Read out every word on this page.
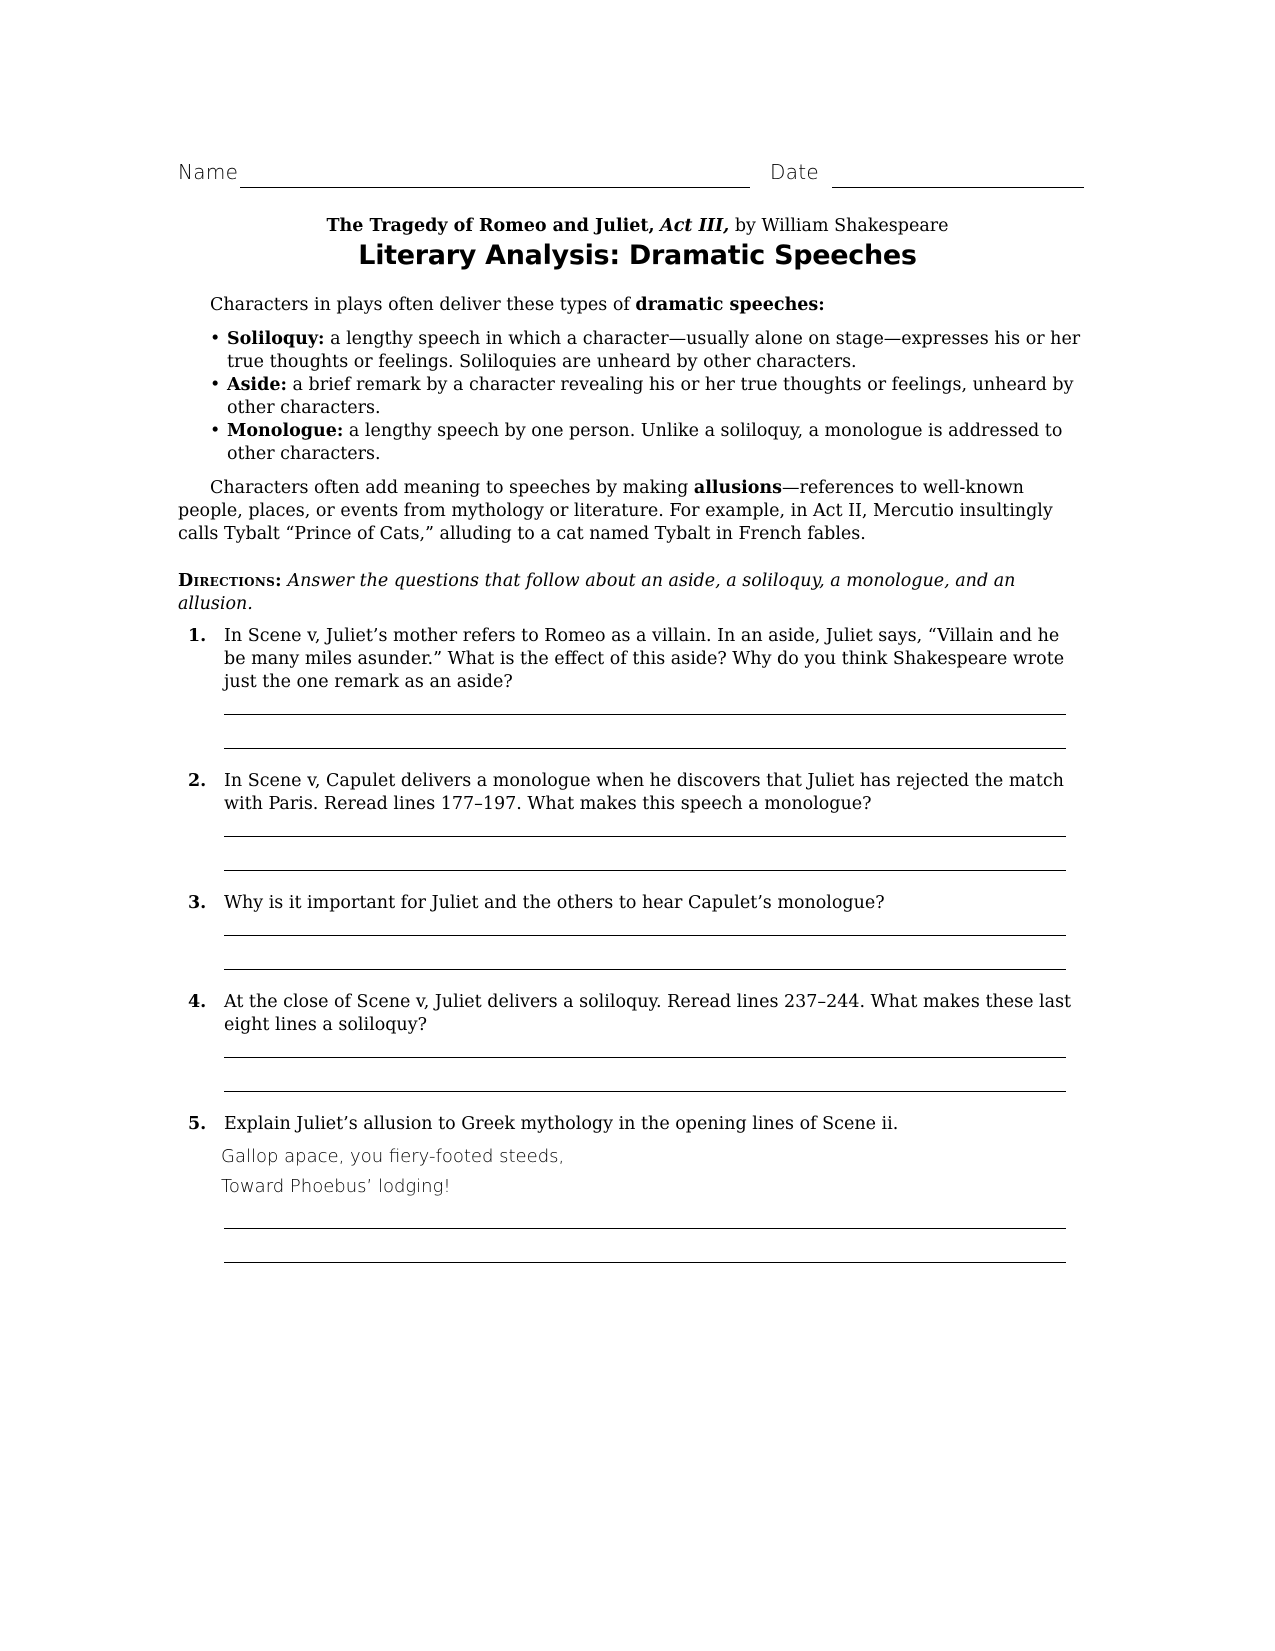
Name	Date
The Tragedy of Romeo and Juliet, Act III, by William Shakespeare
Literary Analysis: Dramatic Speeches
Characters in plays often deliver these types of dramatic speeches:
• Soliloquy: a lengthy speech in which a character—usually alone on stage—expresses his or her true thoughts or feelings. Soliloquies are unheard by other characters.
• Aside: a brief remark by a character revealing his or her true thoughts or feelings, unheard by other characters.
• Monologue: a lengthy speech by one person. Unlike a soliloquy, a monologue is addressed to other characters.
Characters often add meaning to speeches by making allusions—references to well-known people, places, or events from mythology or literature. For example, in Act II, Mercutio insultingly calls Tybalt “Prince of Cats,” alluding to a cat named Tybalt in French fables.
Directions: Answer the questions that follow about an aside, a soliloquy, a monologue, and an allusion.
1. In Scene v, Juliet’s mother refers to Romeo as a villain. In an aside, Juliet says, “Villain and he be many miles asunder.” What is the effect of this aside? Why do you think Shakespeare wrote just the one remark as an aside?
2. In Scene v, Capulet delivers a monologue when he discovers that Juliet has rejected the match with Paris. Reread lines 177–197. What makes this speech a monologue?
3. Why is it important for Juliet and the others to hear Capulet’s monologue?
4. At the close of Scene v, Juliet delivers a soliloquy. Reread lines 237–244. What makes these last eight lines a soliloquy?
5. Explain Juliet’s allusion to Greek mythology in the opening lines of Scene ii.
Gallop apace, you fiery-footed steeds,
Toward Phoebus’ lodging!
